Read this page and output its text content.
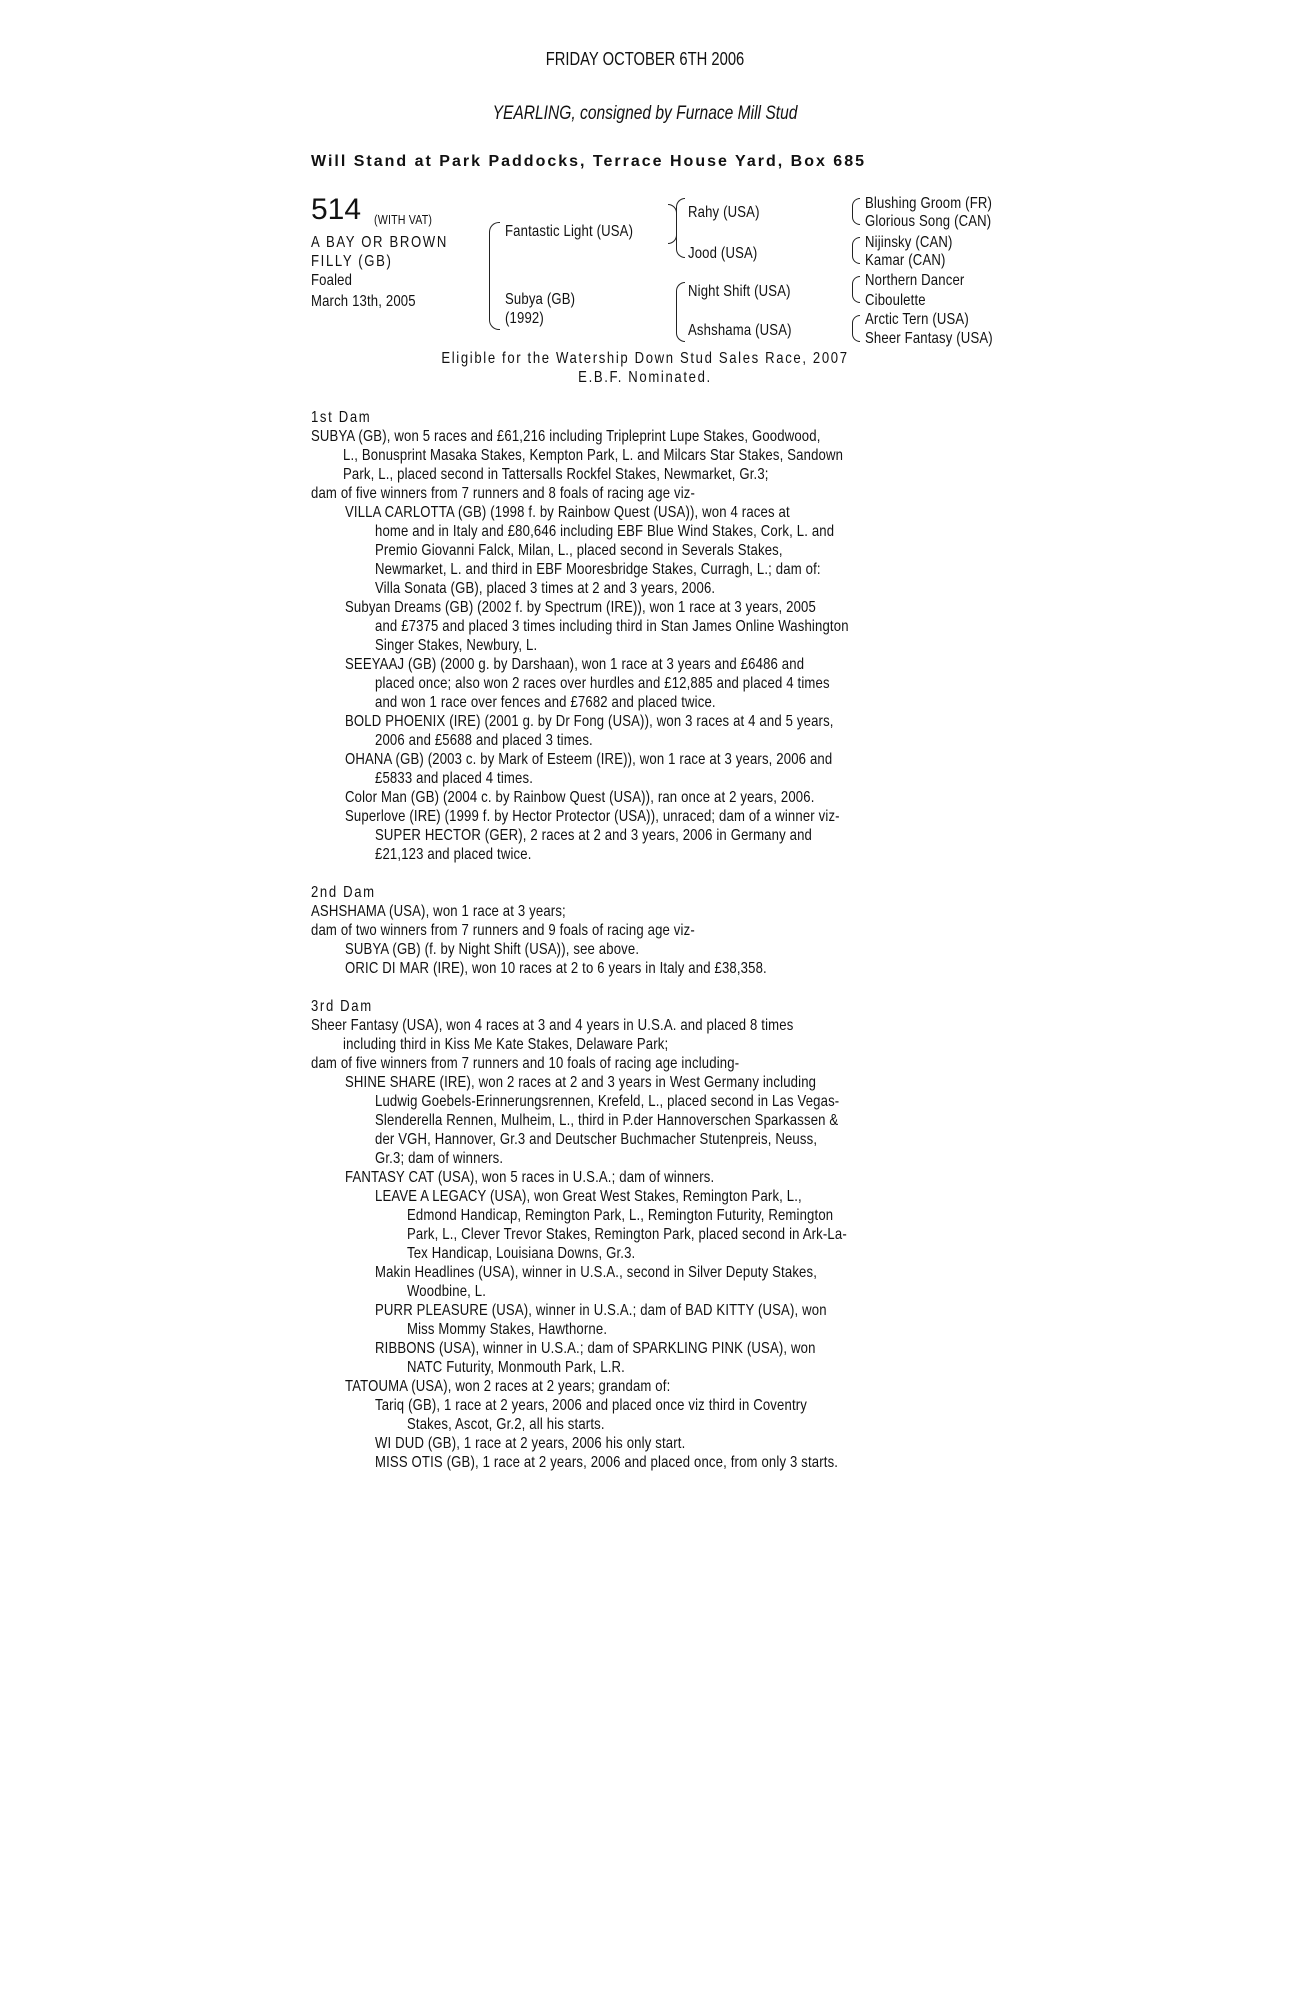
FRIDAY OCTOBER 6TH 2006
YEARLING, consigned by Furnace Mill Stud
Will Stand at Park Paddocks, Terrace House Yard, Box 685
514 (WITH VAT)
A BAY OR BROWN
FILLY (GB)
Foaled
March 13th, 2005
Fantastic Light (USA)
Subya (GB)
(1992)
Rahy (USA)
Jood (USA)
Night Shift (USA)
Ashshama (USA)
Blushing Groom (FR)
Glorious Song (CAN)
Nijinsky (CAN)
Kamar (CAN)
Northern Dancer
Ciboulette
Arctic Tern (USA)
Sheer Fantasy (USA)
Eligible for the Watership Down Stud Sales Race, 2007
E.B.F. Nominated.
1st Dam
SUBYA (GB), won 5 races and £61,216 including Tripleprint Lupe Stakes, Goodwood,
L., Bonusprint Masaka Stakes, Kempton Park, L. and Milcars Star Stakes, Sandown
Park, L., placed second in Tattersalls Rockfel Stakes, Newmarket, Gr.3;
dam of five winners from 7 runners and 8 foals of racing age viz-
VILLA CARLOTTA (GB) (1998 f. by Rainbow Quest (USA)), won 4 races at
home and in Italy and £80,646 including EBF Blue Wind Stakes, Cork, L. and
Premio Giovanni Falck, Milan, L., placed second in Severals Stakes,
Newmarket, L. and third in EBF Mooresbridge Stakes, Curragh, L.; dam of:
Villa Sonata (GB), placed 3 times at 2 and 3 years, 2006.
Subyan Dreams (GB) (2002 f. by Spectrum (IRE)), won 1 race at 3 years, 2005
and £7375 and placed 3 times including third in Stan James Online Washington
Singer Stakes, Newbury, L.
SEEYAAJ (GB) (2000 g. by Darshaan), won 1 race at 3 years and £6486 and
placed once; also won 2 races over hurdles and £12,885 and placed 4 times
and won 1 race over fences and £7682 and placed twice.
BOLD PHOENIX (IRE) (2001 g. by Dr Fong (USA)), won 3 races at 4 and 5 years,
2006 and £5688 and placed 3 times.
OHANA (GB) (2003 c. by Mark of Esteem (IRE)), won 1 race at 3 years, 2006 and
£5833 and placed 4 times.
Color Man (GB) (2004 c. by Rainbow Quest (USA)), ran once at 2 years, 2006.
Superlove (IRE) (1999 f. by Hector Protector (USA)), unraced; dam of a winner viz-
SUPER HECTOR (GER), 2 races at 2 and 3 years, 2006 in Germany and
£21,123 and placed twice.
2nd Dam
ASHSHAMA (USA), won 1 race at 3 years;
dam of two winners from 7 runners and 9 foals of racing age viz-
SUBYA (GB) (f. by Night Shift (USA)), see above.
ORIC DI MAR (IRE), won 10 races at 2 to 6 years in Italy and £38,358.
3rd Dam
Sheer Fantasy (USA), won 4 races at 3 and 4 years in U.S.A. and placed 8 times
including third in Kiss Me Kate Stakes, Delaware Park;
dam of five winners from 7 runners and 10 foals of racing age including-
SHINE SHARE (IRE), won 2 races at 2 and 3 years in West Germany including
Ludwig Goebels-Erinnerungsrennen, Krefeld, L., placed second in Las Vegas-
Slenderella Rennen, Mulheim, L., third in P.der Hannoverschen Sparkassen &
der VGH, Hannover, Gr.3 and Deutscher Buchmacher Stutenpreis, Neuss,
Gr.3; dam of winners.
FANTASY CAT (USA), won 5 races in U.S.A.; dam of winners.
LEAVE A LEGACY (USA), won Great West Stakes, Remington Park, L.,
Edmond Handicap, Remington Park, L., Remington Futurity, Remington
Park, L., Clever Trevor Stakes, Remington Park, placed second in Ark-La-
Tex Handicap, Louisiana Downs, Gr.3.
Makin Headlines (USA), winner in U.S.A., second in Silver Deputy Stakes,
Woodbine, L.
PURR PLEASURE (USA), winner in U.S.A.; dam of BAD KITTY (USA), won
Miss Mommy Stakes, Hawthorne.
RIBBONS (USA), winner in U.S.A.; dam of SPARKLING PINK (USA), won
NATC Futurity, Monmouth Park, L.R.
TATOUMA (USA), won 2 races at 2 years; grandam of:
Tariq (GB), 1 race at 2 years, 2006 and placed once viz third in Coventry
Stakes, Ascot, Gr.2, all his starts.
WI DUD (GB), 1 race at 2 years, 2006 his only start.
MISS OTIS (GB), 1 race at 2 years, 2006 and placed once, from only 3 starts.
